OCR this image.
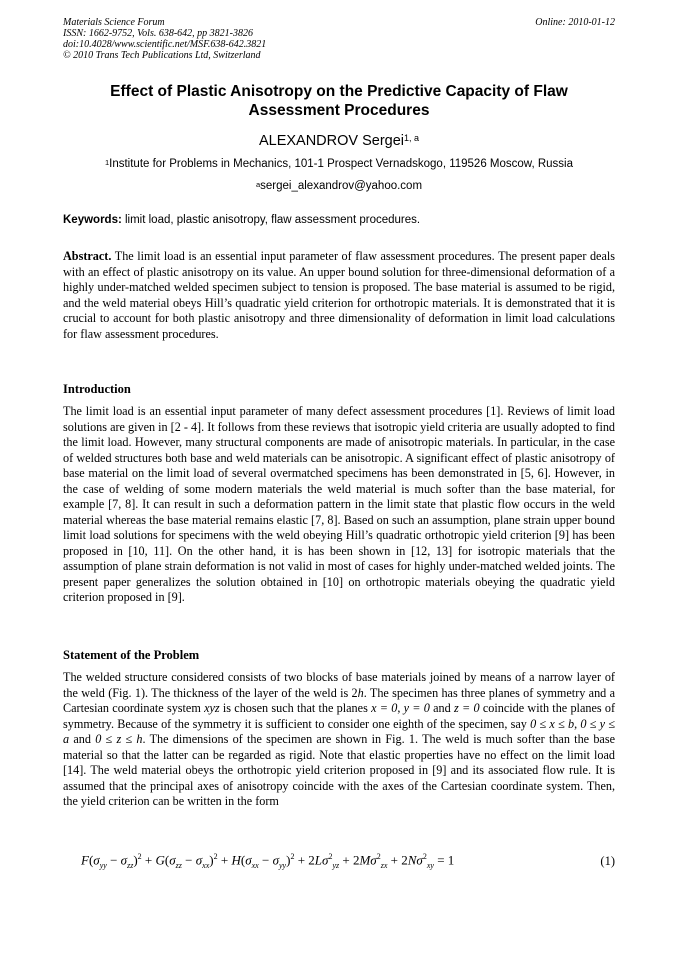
Materials Science Forum
ISSN: 1662-9752, Vols. 638-642, pp 3821-3826
doi:10.4028/www.scientific.net/MSF.638-642.3821
© 2010 Trans Tech Publications Ltd, Switzerland
Online: 2010-01-12
Effect of Plastic Anisotropy on the Predictive Capacity of Flaw Assessment Procedures
ALEXANDROV Sergei$^{1, a}$
$^1$Institute for Problems in Mechanics, 101-1 Prospect Vernadskogo, 119526 Moscow, Russia
$^a$sergei_alexandrov@yahoo.com
Keywords: limit load, plastic anisotropy, flaw assessment procedures.
Abstract. The limit load is an essential input parameter of flaw assessment procedures. The present paper deals with an effect of plastic anisotropy on its value. An upper bound solution for three-dimensional deformation of a highly under-matched welded specimen subject to tension is proposed. The base material is assumed to be rigid, and the weld material obeys Hill’s quadratic yield criterion for orthotropic materials. It is demonstrated that it is crucial to account for both plastic anisotropy and three dimensionality of deformation in limit load calculations for flaw assessment procedures.
Introduction
The limit load is an essential input parameter of many defect assessment procedures [1]. Reviews of limit load solutions are given in [2 - 4]. It follows from these reviews that isotropic yield criteria are usually adopted to find the limit load. However, many structural components are made of anisotropic materials. In particular, in the case of welded structures both base and weld materials can be anisotropic. A significant effect of plastic anisotropy of base material on the limit load of several overmatched specimens has been demonstrated in [5, 6]. However, in the case of welding of some modern materials the weld material is much softer than the base material, for example [7, 8]. It can result in such a deformation pattern in the limit state that plastic flow occurs in the weld material whereas the base material remains elastic [7, 8]. Based on such an assumption, plane strain upper bound limit load solutions for specimens with the weld obeying Hill’s quadratic orthotropic yield criterion [9] has been proposed in [10, 11]. On the other hand, it is has been shown in [12, 13] for isotropic materials that the assumption of plane strain deformation is not valid in most of cases for highly under-matched welded joints. The present paper generalizes the solution obtained in [10] on orthotropic materials obeying the quadratic yield criterion proposed in [9].
Statement of the Problem
The welded structure considered consists of two blocks of base materials joined by means of a narrow layer of the weld (Fig. 1). The thickness of the layer of the weld is 2h. The specimen has three planes of symmetry and a Cartesian coordinate system xyz is chosen such that the planes x = 0, y = 0 and z = 0 coincide with the planes of symmetry. Because of the symmetry it is sufficient to consider one eighth of the specimen, say 0 ≤ x ≤ b, 0 ≤ y ≤ a and 0 ≤ z ≤ h. The dimensions of the specimen are shown in Fig. 1. The weld is much softer than the base material so that the latter can be regarded as rigid. Note that elastic properties have no effect on the limit load [14]. The weld material obeys the orthotropic yield criterion proposed in [9] and its associated flow rule. It is assumed that the principal axes of anisotropy coincide with the axes of the Cartesian coordinate system. Then, the yield criterion can be written in the form
$F(\sigma_{yy} - \sigma_{zz})^2 + G(\sigma_{zz} - \sigma_{xx})^2 + H(\sigma_{xx} - \sigma_{yy})^2 + 2L\sigma^2_{yz} + 2M\sigma^2_{zx} + 2N\sigma^2_{xy} = 1$	(1)
